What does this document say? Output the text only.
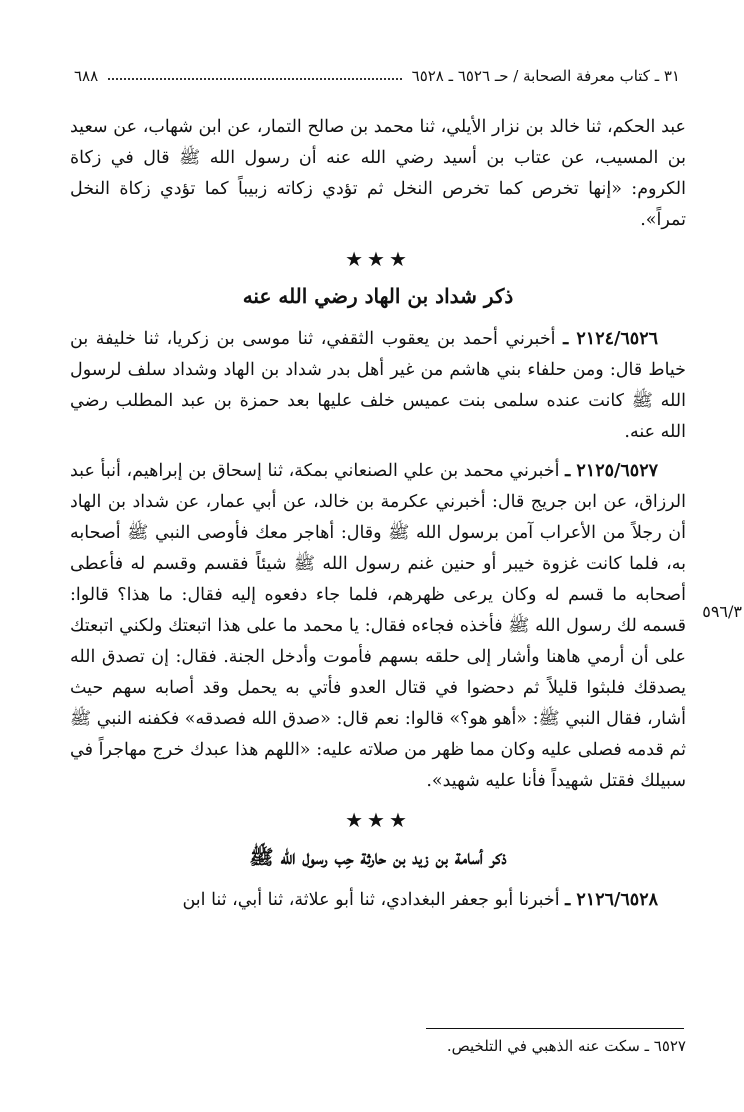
٣١ ـ كتاب معرفة الصحابة / حـ ٦٥٢٦ ـ ٦٥٢٨
٦٨٨

عبد الحكم، ثنا خالد بن نزار الأيلي، ثنا محمد بن صالح التمار، عن ابن شهاب، عن سعيد بن المسيب، عن عتاب بن أسيد رضي الله عنه أن رسول الله ﷺ قال في زكاة الكروم: «إنها تخرص كما تخرص النخل ثم تؤدي زكاته زبيباً كما تؤدي زكاة النخل تمراً».

★★★
ذكر شداد بن الهاد رضي الله عنه

٢١٢٤/٦٥٢٦ ـ أخبرني أحمد بن يعقوب الثقفي، ثنا موسى بن زكريا، ثنا خليفة بن خياط قال: ومن حلفاء بني هاشم من غير أهل بدر شداد بن الهاد وشداد سلف لرسول الله ﷺ كانت عنده سلمى بنت عميس خلف عليها بعد حمزة بن عبد المطلب رضي الله عنه.

٢١٢٥/٦٥٢٧ ـ أخبرني محمد بن علي الصنعاني بمكة، ثنا إسحاق بن إبراهيم، أنبأ عبد الرزاق، عن ابن جريج قال: أخبرني عكرمة بن خالد، عن أبي عمار، عن شداد بن الهاد أن رجلاً من الأعراب آمن برسول الله ﷺ وقال: أهاجر معك فأوصى النبي ﷺ أصحابه به، فلما كانت غزوة خيبر أو حنين غنم رسول الله ﷺ شيئاً فقسم وقسم له فأعطى أصحابه ما قسم له وكان يرعى ظهرهم، فلما جاء دفعوه إليه فقال: ما هذا؟ قالوا: قسمه لك رسول الله ﷺ فأخذه فجاءه فقال: يا محمد ما على هذا اتبعتك ولكني اتبعتك على أن أرمي هاهنا وأشار إلى حلقه بسهم فأموت وأدخل الجنة. فقال: إن تصدق الله يصدقك فلبثوا قليلاً ثم دحضوا في قتال العدو فأتي به يحمل وقد أصابه سهم حيث أشار، فقال النبي ﷺ: «أهو هو؟» قالوا: نعم قال: «صدق الله فصدقه» فكفنه النبي ﷺ ثم قدمه فصلى عليه وكان مما ظهر من صلاته عليه: «اللهم هذا عبدك خرج مهاجراً في سبيلك فقتل شهيداً فأنا عليه شهيد».

★★★
ذكر أسامة بن زيد بن حارثة حِب رسول الله ﷺ

٢١٢٦/٦٥٢٨ ـ أخبرنا أبو جعفر البغدادي، ثنا أبو علاثة، ثنا أبي، ثنا ابن

٥٩٦/٣
٦٥٢٧ ـ سكت عنه الذهبي في التلخيص.
